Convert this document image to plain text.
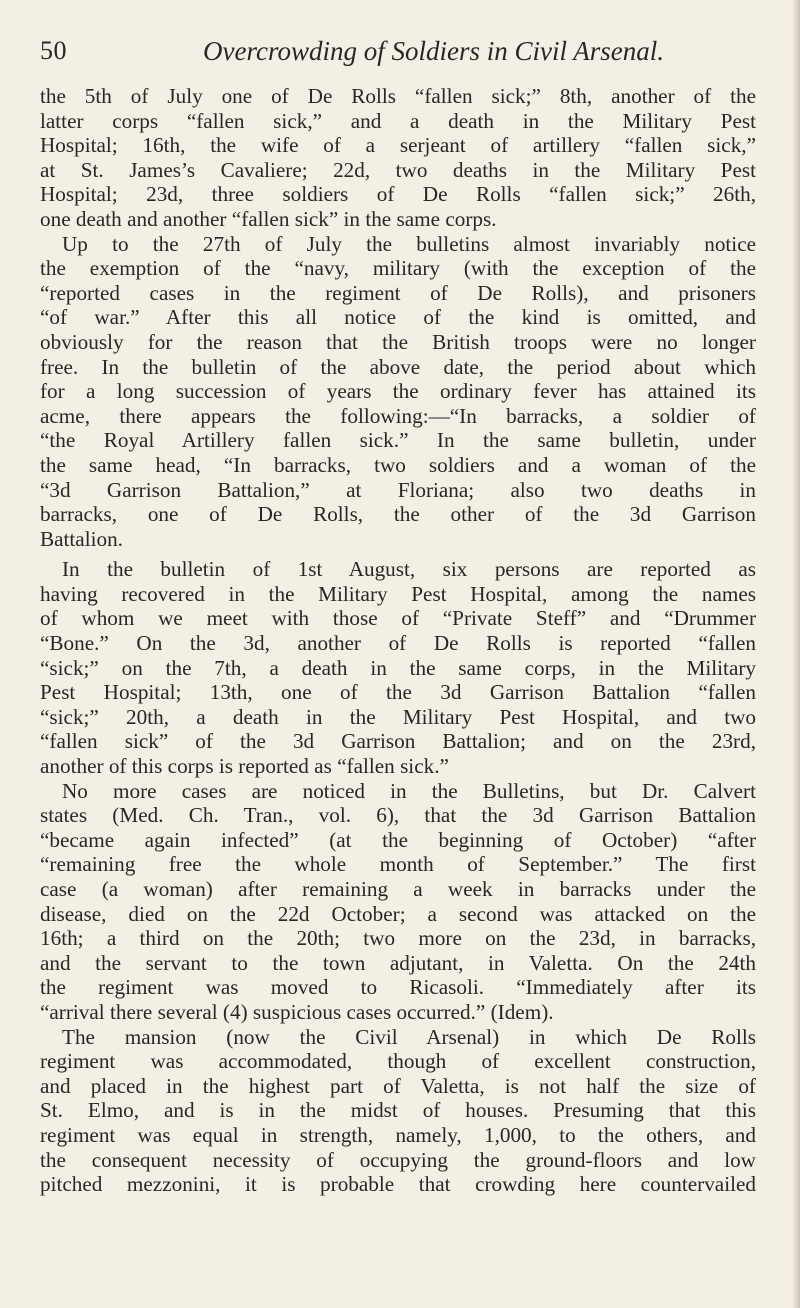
50	Overcrowding of Soldiers in Civil Arsenal.

the 5th of July one of De Rolls “fallen sick;” 8th, another of the
latter corps “fallen sick,” and a death in the Military Pest
Hospital; 16th, the wife of a serjeant of artillery “fallen sick,”
at St. James’s Cavaliere; 22d, two deaths in the Military Pest
Hospital; 23d, three soldiers of De Rolls “fallen sick;” 26th,
one death and another “fallen sick” in the same corps.

Up to the 27th of July the bulletins almost invariably notice
the exemption of the “navy, military (with the exception of the
“reported cases in the regiment of De Rolls), and prisoners
“of war.” After this all notice of the kind is omitted, and
obviously for the reason that the British troops were no longer
free. In the bulletin of the above date, the period about which
for a long succession of years the ordinary fever has attained its
acme, there appears the following:—“In barracks, a soldier of
“the Royal Artillery fallen sick.” In the same bulletin, under
the same head, “In barracks, two soldiers and a woman of the
“3d Garrison Battalion,” at Floriana; also two deaths in
barracks, one of De Rolls, the other of the 3d Garrison
Battalion.

In the bulletin of 1st August, six persons are reported as
having recovered in the Military Pest Hospital, among the names
of whom we meet with those of “Private Steff” and “Drummer
“Bone.” On the 3d, another of De Rolls is reported “fallen
“sick;” on the 7th, a death in the same corps, in the Military
Pest Hospital; 13th, one of the 3d Garrison Battalion “fallen
“sick;” 20th, a death in the Military Pest Hospital, and two
“fallen sick” of the 3d Garrison Battalion; and on the 23rd,
another of this corps is reported as “fallen sick.”

No more cases are noticed in the Bulletins, but Dr. Calvert
states (Med. Ch. Tran., vol. 6), that the 3d Garrison Battalion
“became again infected” (at the beginning of October) “after
“remaining free the whole month of September.” The first
case (a woman) after remaining a week in barracks under the
disease, died on the 22d October; a second was attacked on the
16th; a third on the 20th; two more on the 23d, in barracks,
and the servant to the town adjutant, in Valetta. On the 24th
the regiment was moved to Ricasoli. “Immediately after its
“arrival there several (4) suspicious cases occurred.” (Idem).

The mansion (now the Civil Arsenal) in which De Rolls
regiment was accommodated, though of excellent construction,
and placed in the highest part of Valetta, is not half the size of
St. Elmo, and is in the midst of houses. Presuming that this
regiment was equal in strength, namely, 1,000, to the others, and
the consequent necessity of occupying the ground-floors and low
pitched mezzonini, it is probable that crowding here countervailed
